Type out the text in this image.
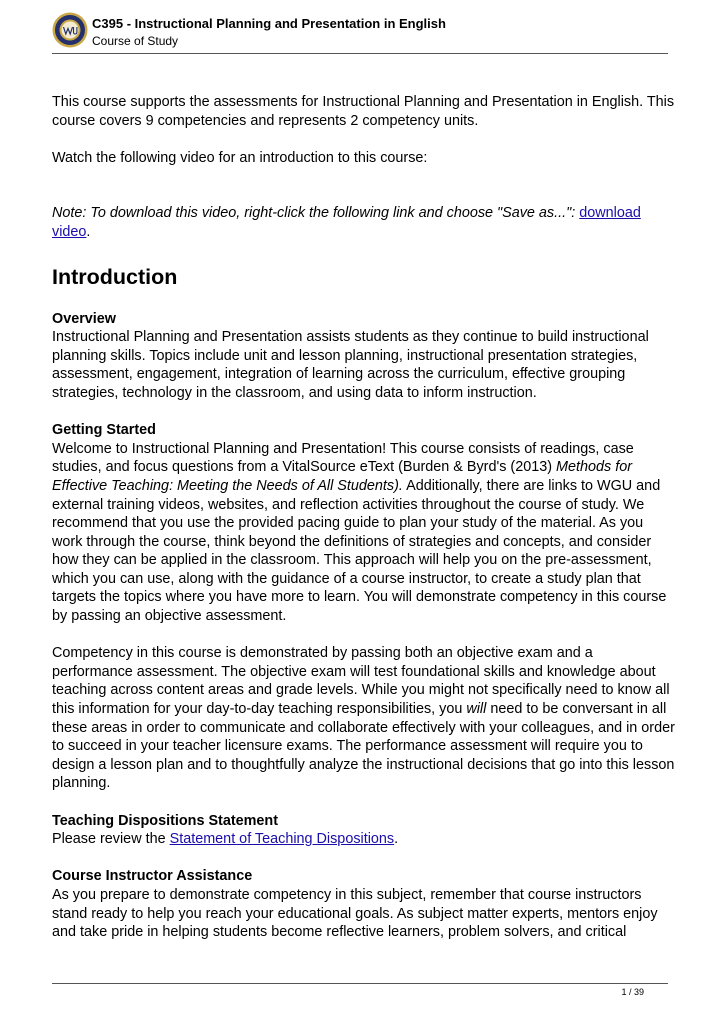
C395 - Instructional Planning and Presentation in English
Course of Study

This course supports the assessments for Instructional Planning and Presentation in English. This course covers 9 competencies and represents 2 competency units.

Watch the following video for an introduction to this course:

Note: To download this video, right-click the following link and choose "Save as...": download video.

Introduction

Overview

Instructional Planning and Presentation assists students as they continue to build instructional planning skills. Topics include unit and lesson planning, instructional presentation strategies, assessment, engagement, integration of learning across the curriculum, effective grouping strategies, technology in the classroom, and using data to inform instruction.

Getting Started

Welcome to Instructional Planning and Presentation! This course consists of readings, case studies, and focus questions from a VitalSource eText (Burden & Byrd's (2013) Methods for Effective Teaching: Meeting the Needs of All Students). Additionally, there are links to WGU and external training videos, websites, and reflection activities throughout the course of study. We recommend that you use the provided pacing guide to plan your study of the material. As you work through the course, think beyond the definitions of strategies and concepts, and consider how they can be applied in the classroom. This approach will help you on the pre-assessment, which you can use, along with the guidance of a course instructor, to create a study plan that targets the topics where you have more to learn. You will demonstrate competency in this course by passing an objective assessment.

Competency in this course is demonstrated by passing both an objective exam and a performance assessment. The objective exam will test foundational skills and knowledge about teaching across content areas and grade levels. While you might not specifically need to know all this information for your day-to-day teaching responsibilities, you will need to be conversant in all these areas in order to communicate and collaborate effectively with your colleagues, and in order to succeed in your teacher licensure exams. The performance assessment will require you to design a lesson plan and to thoughtfully analyze the instructional decisions that go into this lesson planning.

Teaching Dispositions Statement

Please review the Statement of Teaching Dispositions.

Course Instructor Assistance

As you prepare to demonstrate competency in this subject, remember that course instructors stand ready to help you reach your educational goals. As subject matter experts, mentors enjoy and take pride in helping students become reflective learners, problem solvers, and critical

1 / 39
